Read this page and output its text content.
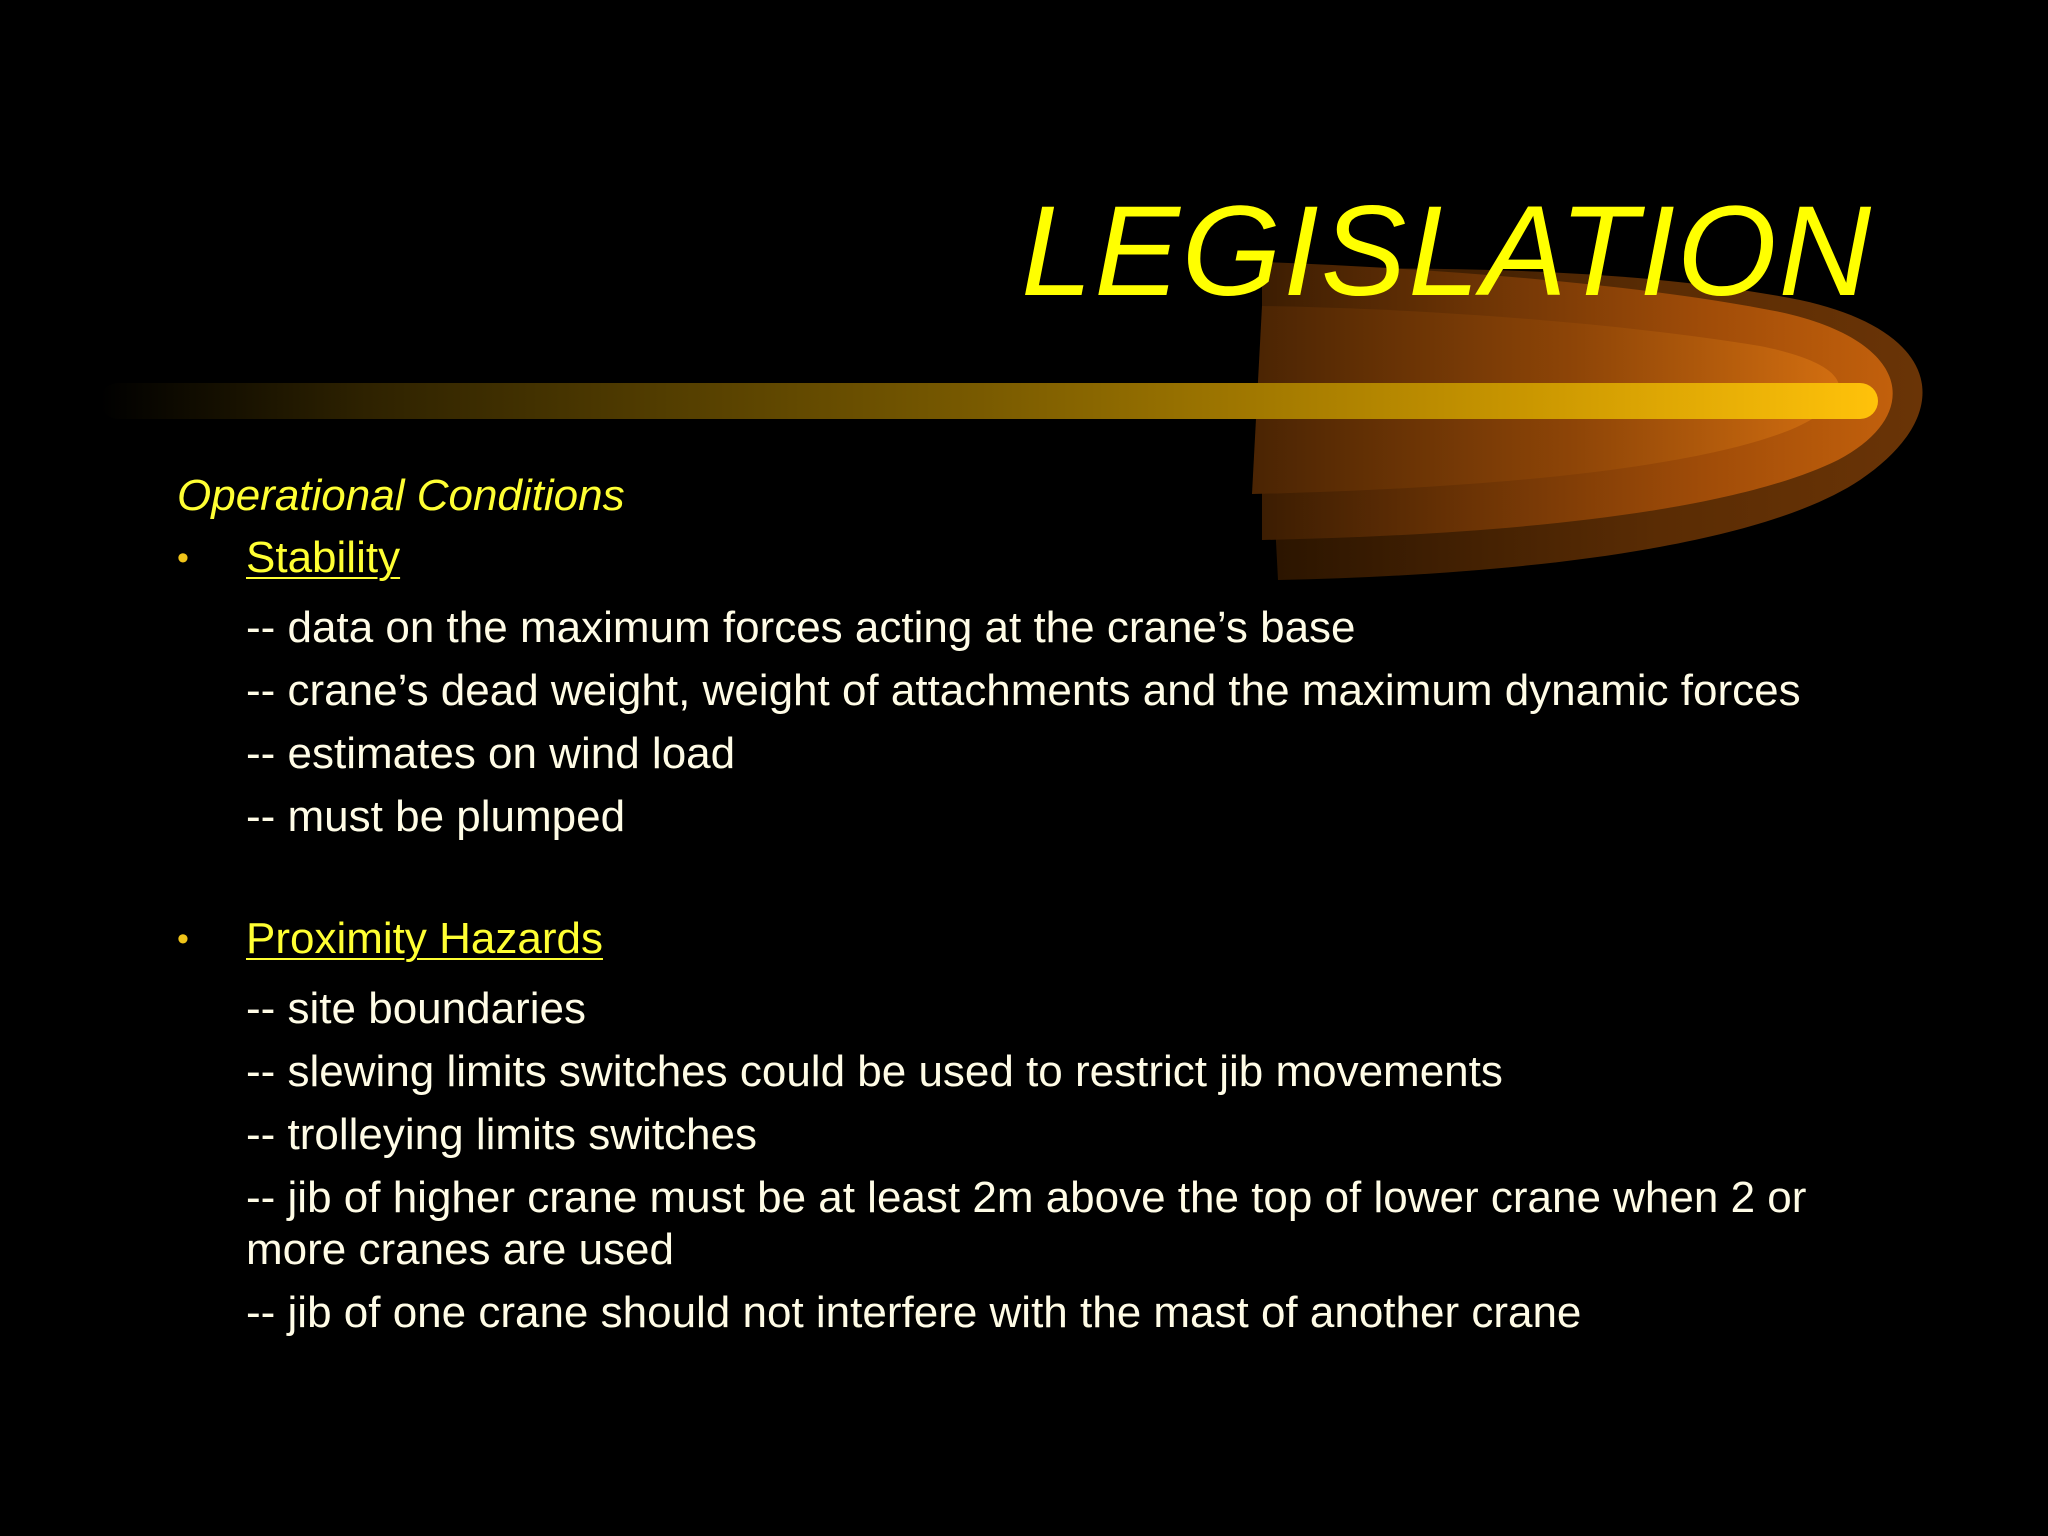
LEGISLATION
Operational Conditions
• Stability
-- data on the maximum forces acting at the crane’s base
-- crane’s dead weight, weight of attachments and the maximum dynamic forces
-- estimates on wind load
-- must be plumped
• Proximity Hazards
-- site boundaries
-- slewing limits switches could be used to restrict jib movements
-- trolleying limits switches
-- jib of higher crane must be at least 2m above the top of lower crane when 2 or more cranes are used
-- jib of one crane should not interfere with the mast of another crane
